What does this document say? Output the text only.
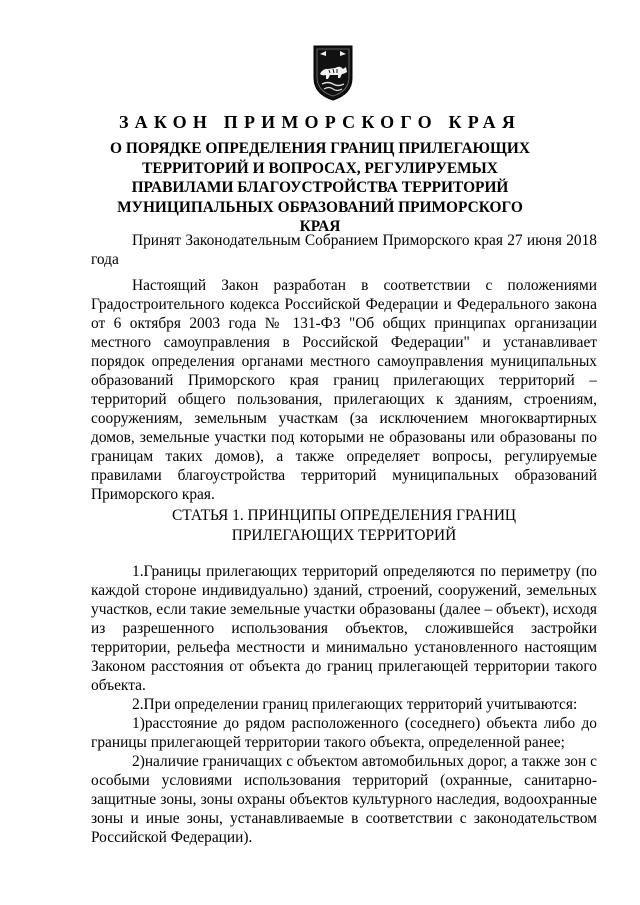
ЗАКОН ПРИМОРСКОГО КРАЯ
О ПОРЯДКЕ ОПРЕДЕЛЕНИЯ ГРАНИЦ ПРИЛЕГАЮЩИХ ТЕРРИТОРИЙ И ВОПРОСАХ, РЕГУЛИРУЕМЫХ ПРАВИЛАМИ БЛАГОУСТРОЙСТВА ТЕРРИТОРИЙ МУНИЦИПАЛЬНЫХ ОБРАЗОВАНИЙ ПРИМОРСКОГО КРАЯ

Принят Законодательным Собранием Приморского края 27 июня 2018 года

Настоящий Закон разработан в соответствии с положениями Градостроительного кодекса Российской Федерации и Федерального закона от 6 октября 2003 года № 131-ФЗ "Об общих принципах организации местного самоуправления в Российской Федерации" и устанавливает порядок определения органами местного самоуправления муниципальных образований Приморского края границ прилегающих территорий – территорий общего пользования, прилегающих к зданиям, строениям, сооружениям, земельным участкам (за исключением многоквартирных домов, земельные участки под которыми не образованы или образованы по границам таких домов), а также определяет вопросы, регулируемые правилами благоустройства территорий муниципальных образований Приморского края.

СТАТЬЯ 1. ПРИНЦИПЫ ОПРЕДЕЛЕНИЯ ГРАНИЦ
ПРИЛЕГАЮЩИХ ТЕРРИТОРИЙ

1.Границы прилегающих территорий определяются по периметру (по каждой стороне индивидуально) зданий, строений, сооружений, земельных участков, если такие земельные участки образованы (далее – объект), исходя из разрешенного использования объектов, сложившейся застройки территории, рельефа местности и минимально установленного настоящим Законом расстояния от объекта до границ прилегающей территории такого объекта.

2.При определении границ прилегающих территорий учитываются:

1)расстояние до рядом расположенного (соседнего) объекта либо до границы прилегающей территории такого объекта, определенной ранее;

2)наличие граничащих с объектом автомобильных дорог, а также зон с особыми условиями использования территорий (охранные, санитарно-защитные зоны, зоны охраны объектов культурного наследия, водоохранные зоны и иные зоны, устанавливаемые в соответствии с законодательством Российской Федерации).
